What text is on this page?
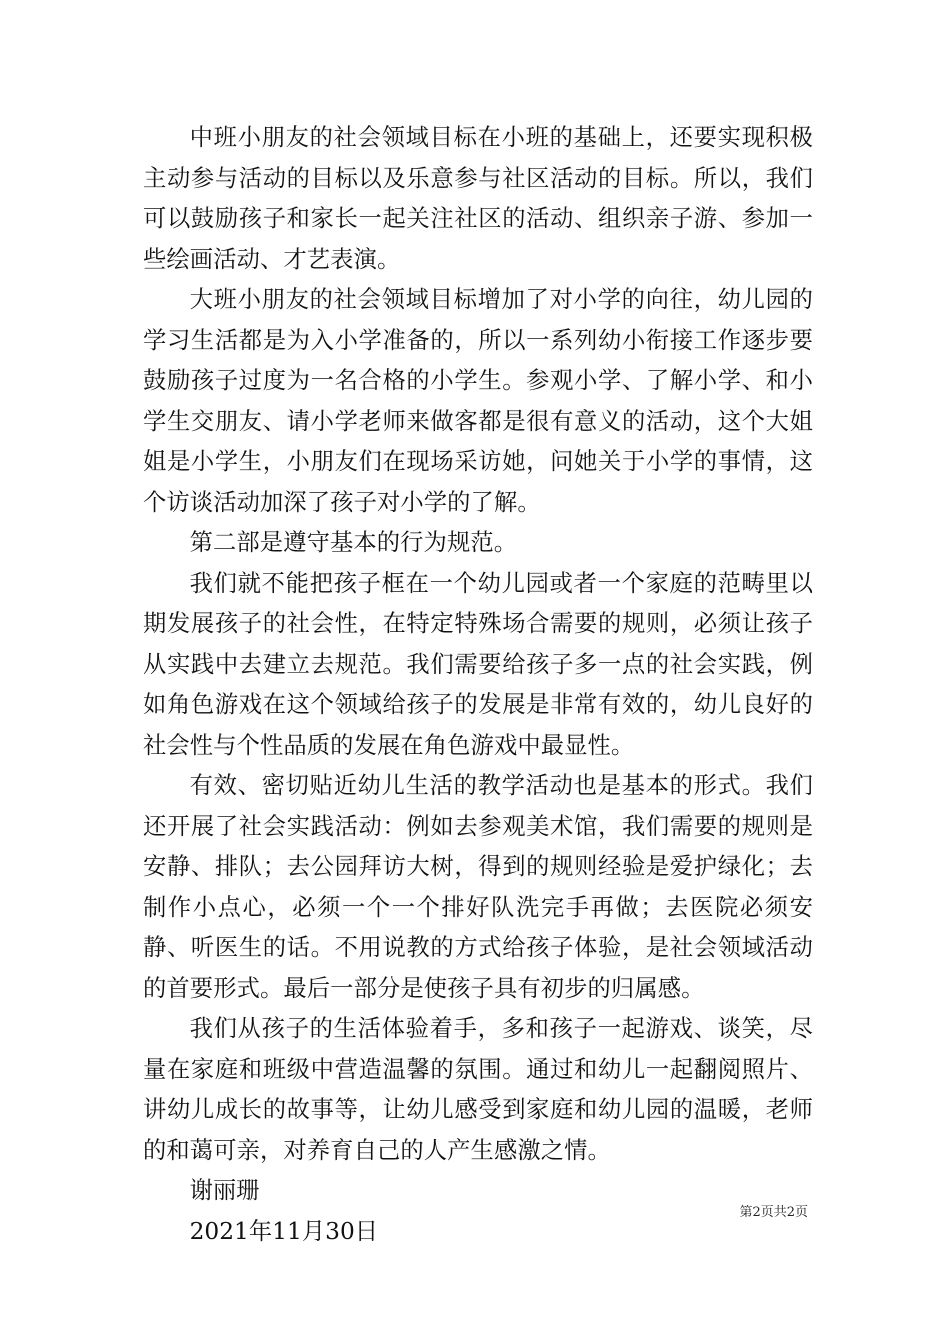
中班小朋友的社会领域目标在小班的基础上，还要实现积极主动参与活动的目标以及乐意参与社区活动的目标。所以，我们可以鼓励孩子和家长一起关注社区的活动、组织亲子游、参加一些绘画活动、才艺表演。

大班小朋友的社会领域目标增加了对小学的向往，幼儿园的学习生活都是为入小学准备的，所以一系列幼小衔接工作逐步要鼓励孩子过度为一名合格的小学生。参观小学、了解小学、和小学生交朋友、请小学老师来做客都是很有意义的活动，这个大姐姐是小学生，小朋友们在现场采访她，问她关于小学的事情，这个访谈活动加深了孩子对小学的了解。

第二部是遵守基本的行为规范。

我们就不能把孩子框在一个幼儿园或者一个家庭的范畴里以期发展孩子的社会性，在特定特殊场合需要的规则，必须让孩子从实践中去建立去规范。我们需要给孩子多一点的社会实践，例如角色游戏在这个领域给孩子的发展是非常有效的，幼儿良好的社会性与个性品质的发展在角色游戏中最显性。

有效、密切贴近幼儿生活的教学活动也是基本的形式。我们还开展了社会实践活动：例如去参观美术馆，我们需要的规则是安静、排队；去公园拜访大树，得到的规则经验是爱护绿化；去制作小点心，必须一个一个排好队洗完手再做；去医院必须安静、听医生的话。不用说教的方式给孩子体验，是社会领域活动的首要形式。最后一部分是使孩子具有初步的归属感。

我们从孩子的生活体验着手，多和孩子一起游戏、谈笑，尽量在家庭和班级中营造温馨的氛围。通过和幼儿一起翻阅照片、讲幼儿成长的故事等，让幼儿感受到家庭和幼儿园的温暖，老师的和蔼可亲，对养育自己的人产生感激之情。

谢丽珊

2021年11月30日

第2页共2页
